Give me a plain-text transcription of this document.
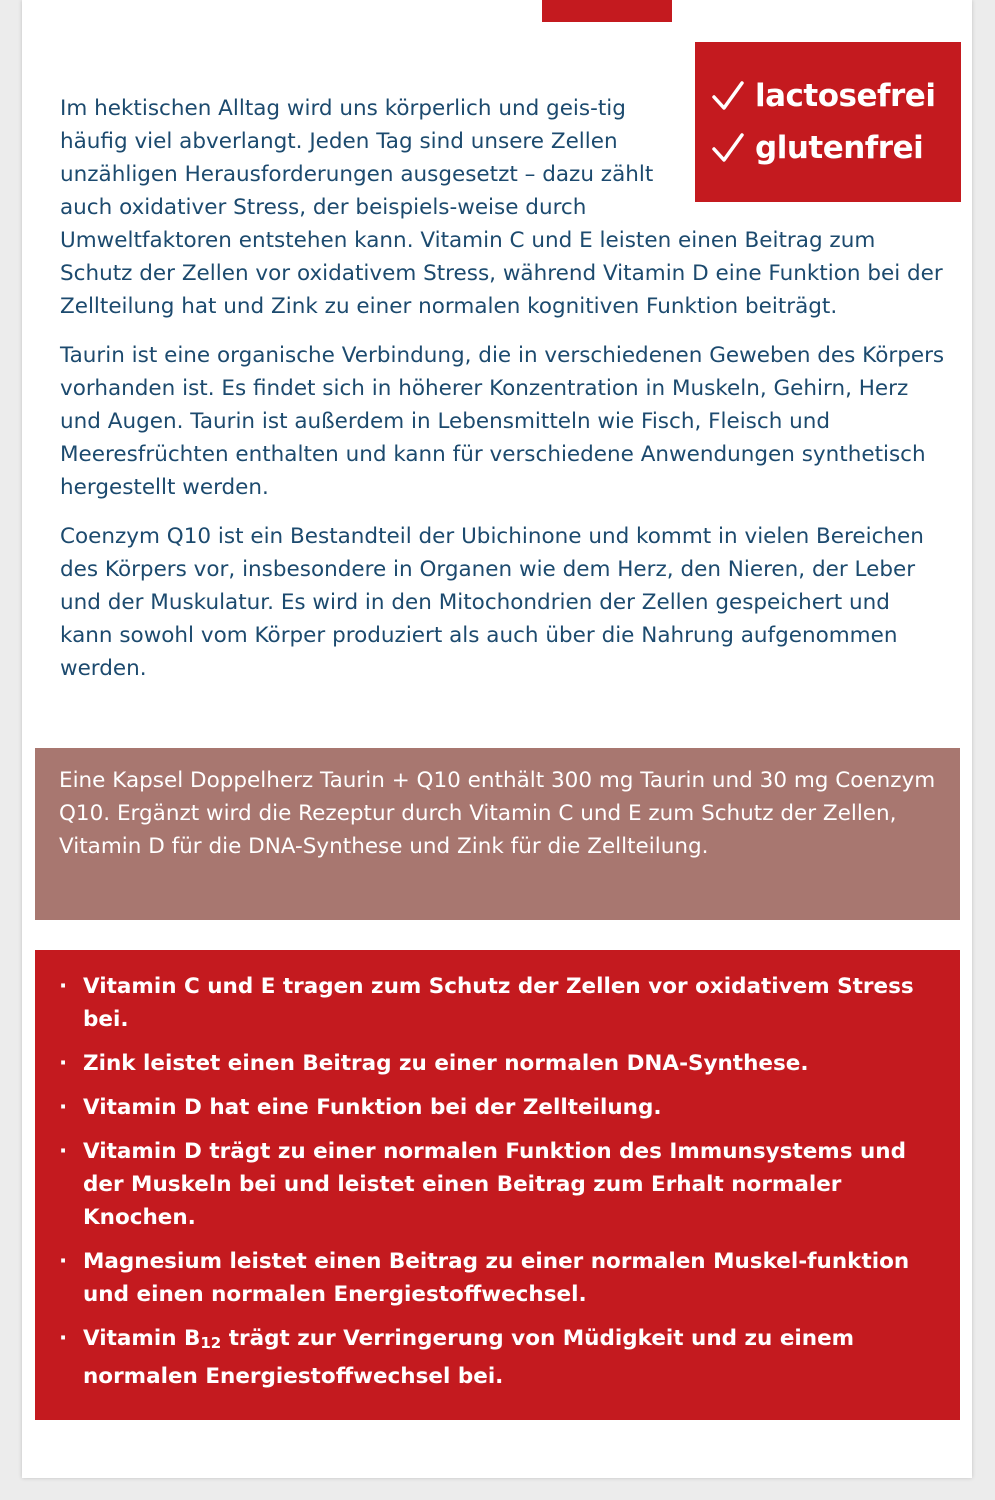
lactosefrei
glutenfrei

Im hektischen Alltag wird uns körperlich und geis-tig häufig viel abverlangt. Jeden Tag sind unsere Zellen unzähligen Herausforderungen ausgesetzt – dazu zählt auch oxidativer Stress, der beispiels-weise durch Umweltfaktoren entstehen kann. Vitamin C und E leisten einen Beitrag zum Schutz der Zellen vor oxidativem Stress, während Vitamin D eine Funktion bei der Zellteilung hat und Zink zu einer normalen kognitiven Funktion beiträgt.

Taurin ist eine organische Verbindung, die in verschiedenen Geweben des Körpers vorhanden ist. Es findet sich in höherer Konzentration in Muskeln, Gehirn, Herz und Augen. Taurin ist außerdem in Lebensmitteln wie Fisch, Fleisch und Meeresfrüchten enthalten und kann für verschiedene Anwendungen synthetisch hergestellt werden.

Coenzym Q10 ist ein Bestandteil der Ubichinone und kommt in vielen Bereichen des Körpers vor, insbesondere in Organen wie dem Herz, den Nieren, der Leber und der Muskulatur. Es wird in den Mitochondrien der Zellen gespeichert und kann sowohl vom Körper produziert als auch über die Nahrung aufgenommen werden.

Eine Kapsel Doppelherz Taurin + Q10 enthält 300 mg Taurin und 30 mg Coenzym Q10. Ergänzt wird die Rezeptur durch Vitamin C und E zum Schutz der Zellen, Vitamin D für die DNA-Synthese und Zink für die Zellteilung.
· Vitamin C und E tragen zum Schutz der Zellen vor oxidativem Stress bei.
· Zink leistet einen Beitrag zu einer normalen DNA-Synthese.
· Vitamin D hat eine Funktion bei der Zellteilung.
· Vitamin D trägt zu einer normalen Funktion des Immunsystems und der Muskeln bei und leistet einen Beitrag zum Erhalt normaler Knochen.
· Magnesium leistet einen Beitrag zu einer normalen Muskel-funktion und einen normalen Energiestoffwechsel.
· Vitamin $B_{12}$ trägt zur Verringerung von Müdigkeit und zu einem normalen Energiestoffwechsel bei.
